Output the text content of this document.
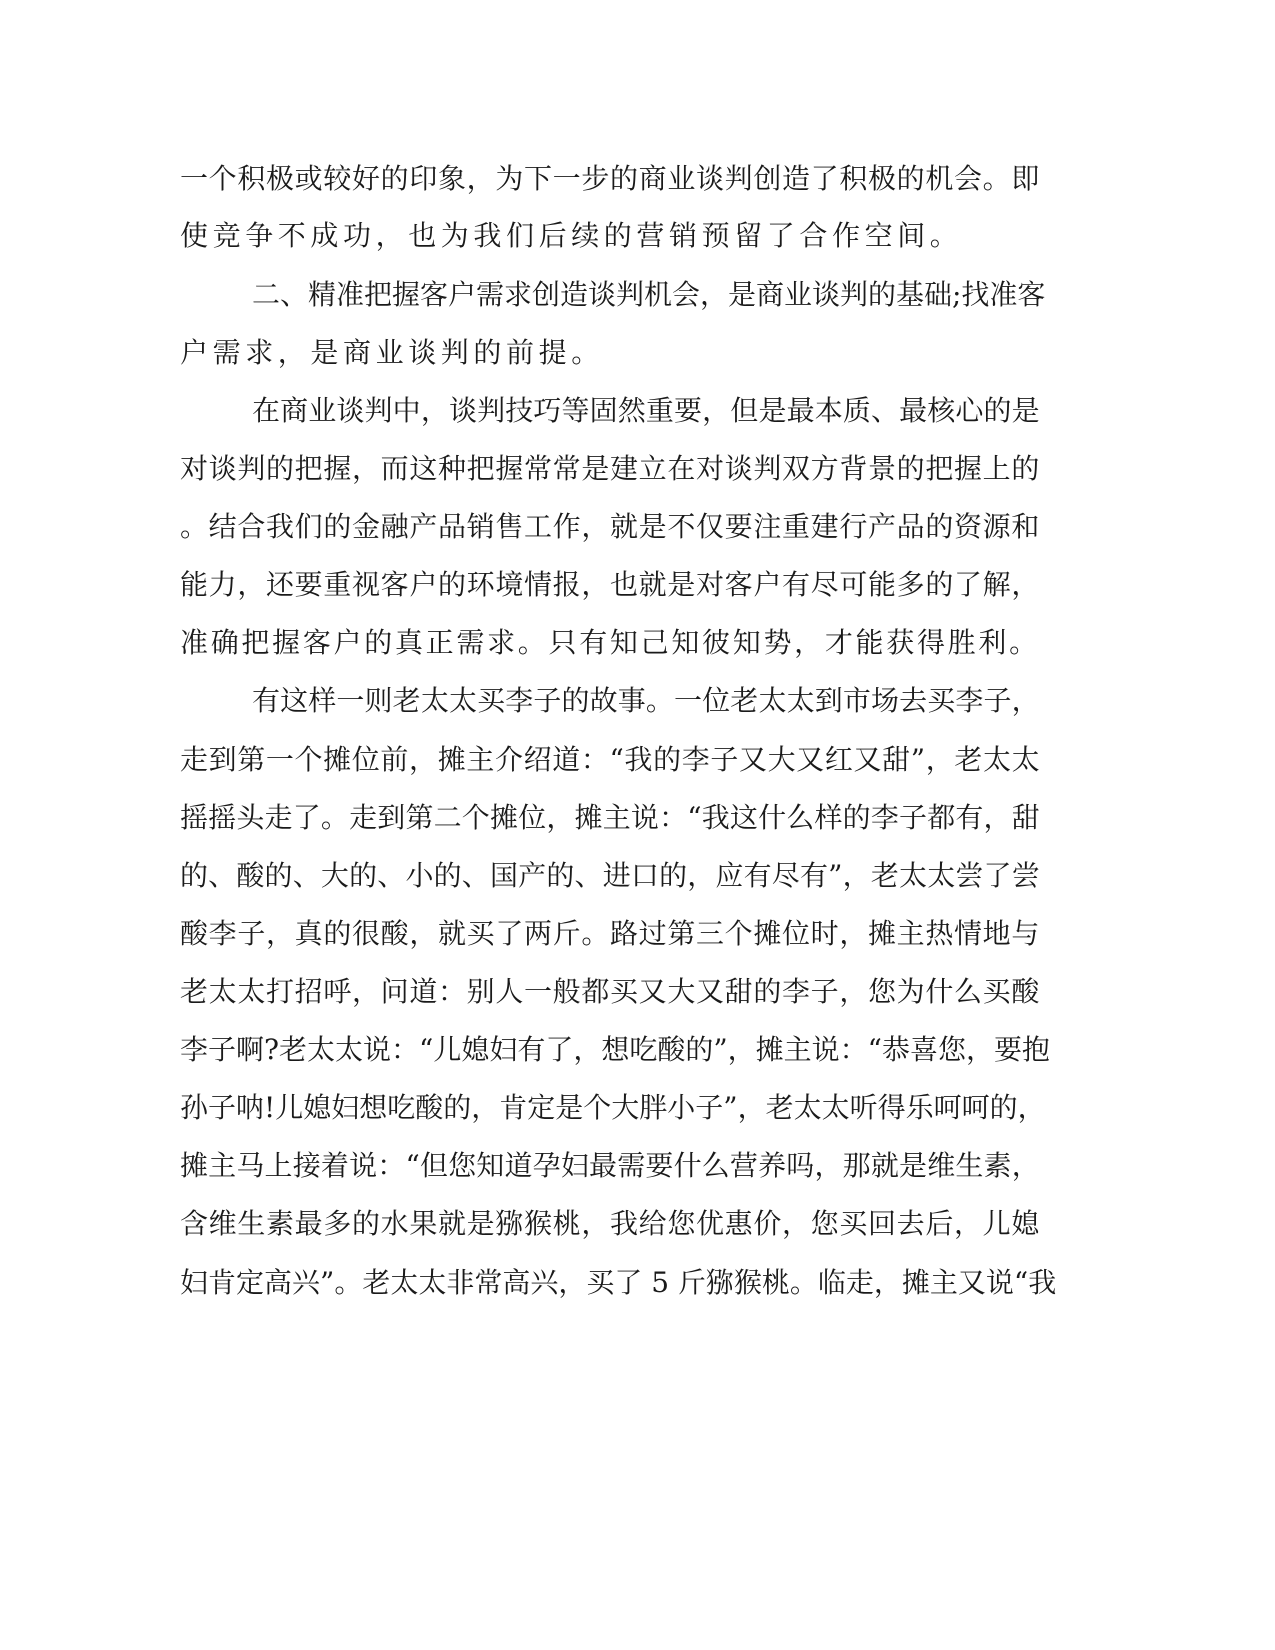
一个积极或较好的印象，为下一步的商业谈判创造了积极的机会。即
使竞争不成功，也为我们后续的营销预留了合作空间。
二、精准把握客户需求创造谈判机会，是商业谈判的基础;找准客
户需求，是商业谈判的前提。
在商业谈判中，谈判技巧等固然重要，但是最本质、最核心的是
对谈判的把握，而这种把握常常是建立在对谈判双方背景的把握上的
。结合我们的金融产品销售工作，就是不仅要注重建行产品的资源和
能力，还要重视客户的环境情报，也就是对客户有尽可能多的了解，
准确把握客户的真正需求。只有知己知彼知势，才能获得胜利。
有这样一则老太太买李子的故事。一位老太太到市场去买李子，
走到第一个摊位前，摊主介绍道：“我的李子又大又红又甜”，老太太
摇摇头走了。走到第二个摊位，摊主说：“我这什么样的李子都有，甜
的、酸的、大的、小的、国产的、进口的，应有尽有”，老太太尝了尝
酸李子，真的很酸，就买了两斤。路过第三个摊位时，摊主热情地与
老太太打招呼，问道：别人一般都买又大又甜的李子，您为什么买酸
李子啊?老太太说：“儿媳妇有了，想吃酸的”，摊主说：“恭喜您，要抱
孙子呐!儿媳妇想吃酸的，肯定是个大胖小子”，老太太听得乐呵呵的，
摊主马上接着说：“但您知道孕妇最需要什么营养吗，那就是维生素，
含维生素最多的水果就是猕猴桃，我给您优惠价，您买回去后，儿媳
妇肯定高兴”。老太太非常高兴，买了 5 斤猕猴桃。临走，摊主又说“我
